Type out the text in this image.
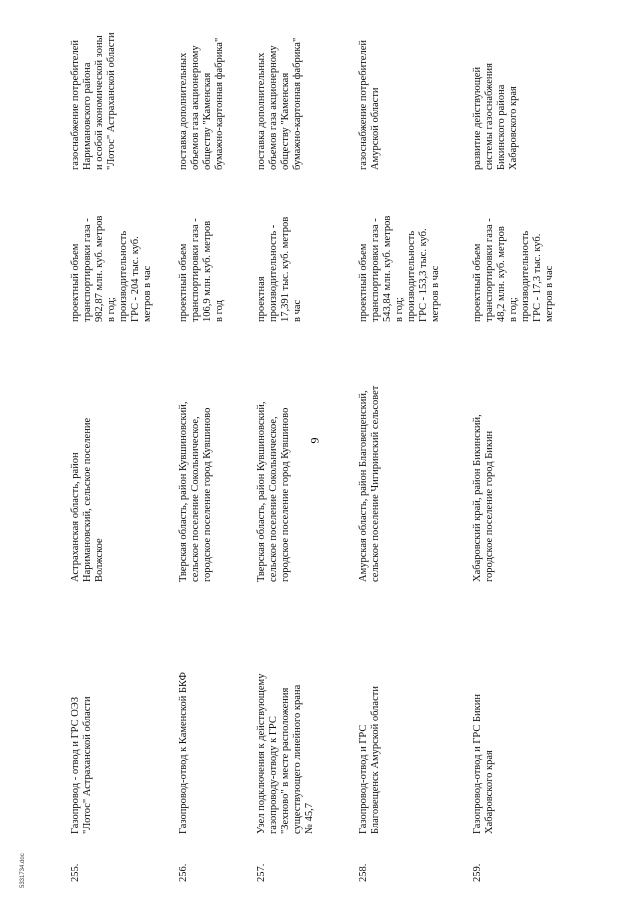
9
255.
Газопровод - отвод и ГРС ОЭЗ
"Лотос" Астраханской области
Астраханская область, район
Наримановский, сельское поселение
Волжское
проектный объем
транспортировки газа -
982,87 млн. куб. метров
в год;
производительность
ГРС - 204 тыс. куб.
метров в час
газоснабжение потребителей
Наримановского района
и особой экономической зоны
"Лотос" Астраханской области
256.
Газопровод-отвод к Каменской БКФ
Тверская область, район Кувшиновский,
сельское поселение Сокольническое,
городское поселение город Кувшиново
проектный объем
транспортировки газа -
106,9 млн. куб. метров
в год
поставка дополнительных
объемов газа акционерному
обществу "Каменская
бумажно-картонная фабрика"
257.
Узел подключения к действующему
газопроводу-отводу к ГРС
"Зехново" в месте расположения
существующего линейного крана
№ 45,7
Тверская область, район Кувшиновский,
сельское поселение Сокольническое,
городское поселение город Кувшиново
проектная
производительность -
17,391 тыс. куб. метров
в час
поставка дополнительных
объемов газа акционерному
обществу "Каменская
бумажно-картонная фабрика"
258.
Газопровод-отвод и ГРС
Благовещенск Амурской области
Амурская область, район Благовещенский,
сельское поселение Чигиринский сельсовет
проектный объем
транспортировки газа -
543,84 млн. куб. метров
в год;
производительность
ГРС - 153,3 тыс. куб.
метров в час
газоснабжение потребителей
Амурской области
259.
Газопровод-отвод и ГРС Бикин
Хабаровского края
Хабаровский край, район Бикинский,
городское поселение город Бикин
проектный объем
транспортировки газа -
48,2 млн. куб. метров
в год;
производительность
ГРС - 17,3 тыс. куб.
метров в час
развитие действующей
системы газоснабжения
Бикинского района
Хабаровского края
5331734.doc
